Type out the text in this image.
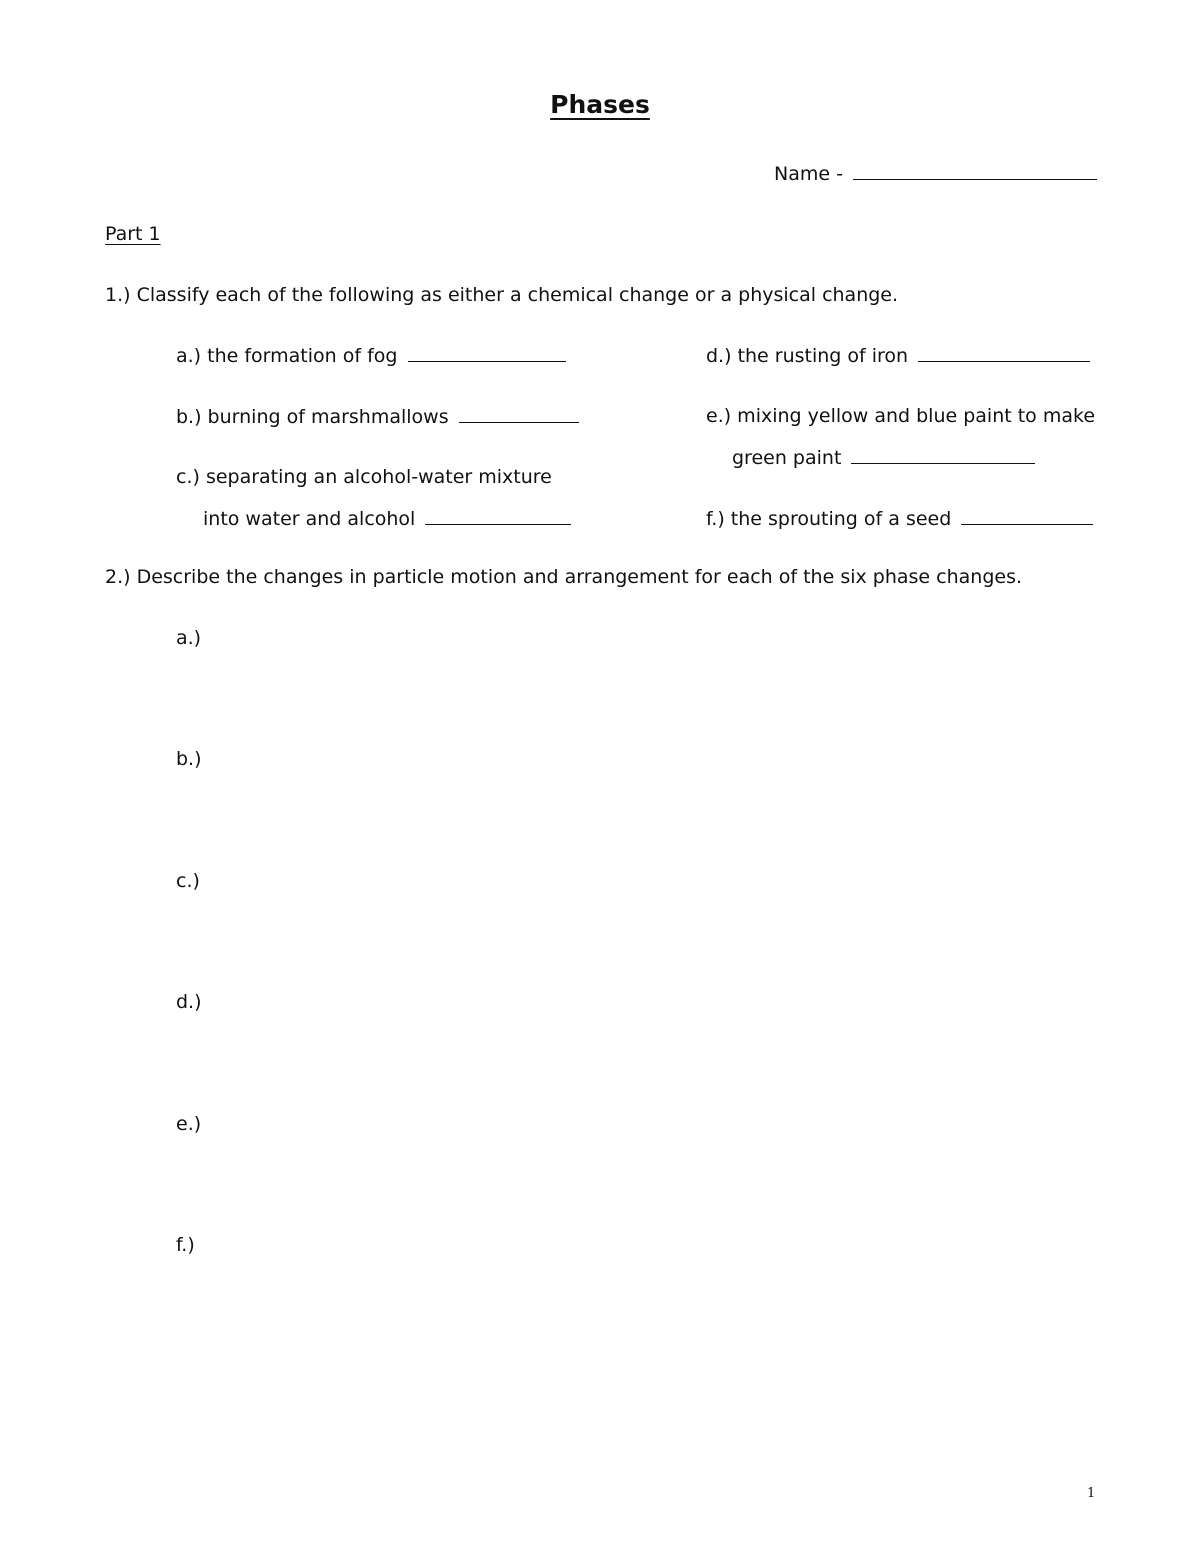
Phases
Name -
Part 1
1.) Classify each of the following as either a chemical change or a physical change.
a.) the formation of fog
b.) burning of marshmallows
c.) separating an alcohol-water mixture
into water and alcohol
d.) the rusting of iron
e.) mixing yellow and blue paint to make
green paint
f.) the sprouting of a seed
2.) Describe the changes in particle motion and arrangement for each of the six phase changes.
a.)
b.)
c.)
d.)
e.)
f.)
1
